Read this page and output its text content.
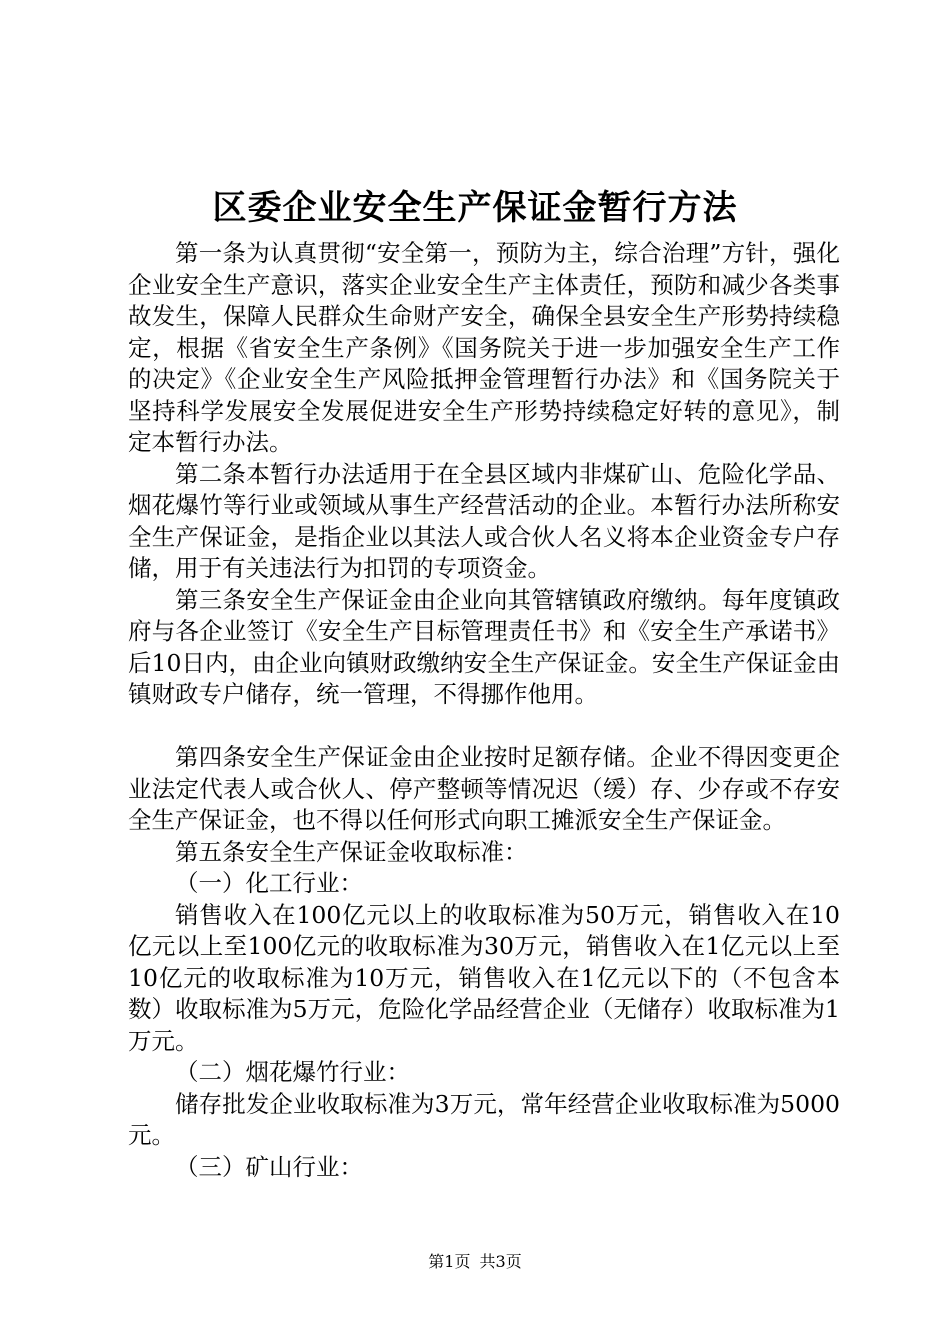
区委企业安全生产保证金暂行方法

第一条为认真贯彻“安全第一，预防为主，综合治理”方针，强化企业安全生产意识，落实企业安全生产主体责任，预防和减少各类事故发生，保障人民群众生命财产安全，确保全县安全生产形势持续稳定，根据《省安全生产条例》《国务院关于进一步加强安全生产工作的决定》《企业安全生产风险抵押金管理暂行办法》和《国务院关于坚持科学发展安全发展促进安全生产形势持续稳定好转的意见》，制定本暂行办法。

第二条本暂行办法适用于在全县区域内非煤矿山、危险化学品、烟花爆竹等行业或领域从事生产经营活动的企业。本暂行办法所称安全生产保证金，是指企业以其法人或合伙人名义将本企业资金专户存储，用于有关违法行为扣罚的专项资金。

第三条安全生产保证金由企业向其管辖镇政府缴纳。每年度镇政府与各企业签订《安全生产目标管理责任书》和《安全生产承诺书》后10日内，由企业向镇财政缴纳安全生产保证金。安全生产保证金由镇财政专户储存，统一管理，不得挪作他用。

第四条安全生产保证金由企业按时足额存储。企业不得因变更企业法定代表人或合伙人、停产整顿等情况迟（缓）存、少存或不存安全生产保证金，也不得以任何形式向职工摊派安全生产保证金。

第五条安全生产保证金收取标准：

（一）化工行业：

销售收入在100亿元以上的收取标准为50万元，销售收入在10亿元以上至100亿元的收取标准为30万元，销售收入在1亿元以上至10亿元的收取标准为10万元，销售收入在1亿元以下的（不包含本数）收取标准为5万元，危险化学品经营企业（无储存）收取标准为1万元。

（二）烟花爆竹行业：

储存批发企业收取标准为3万元，常年经营企业收取标准为5000元。

（三）矿山行业：

第1页 共3页
